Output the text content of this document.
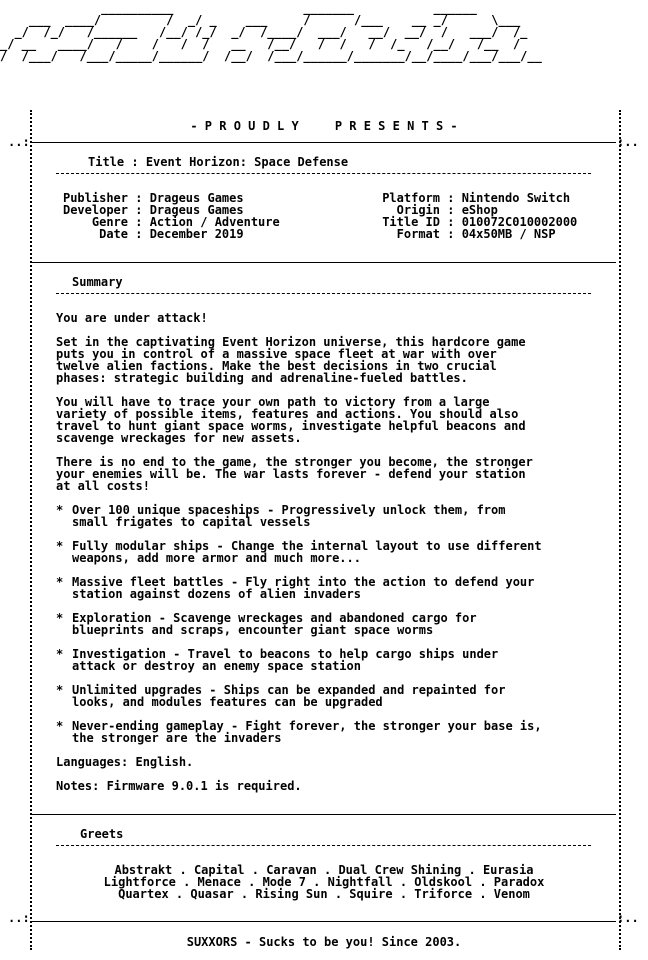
__________                  _______           ______
___  ____/         /  _/ _    ___     /      /___    __ _/      \___
_/  /_/   /______   /__/ /_/  _/  /____/  ___/   __/  __/  /   ___/  /_
_/ __   ____/   /    /   /  /   __   /__/   /  /   /  /_   /__/   /__  /
/  /___/   /___/_____/______/  /__/  /___/______/_______/__/____/___/___/__

..:

	:..

..:

	:..

- P R O U D L Y     P R E S E N T S -

Title : Event Horizon: Space Defense

Publisher
Developer
Genre
Date

: Drageus Games
: Drageus Games
: Action / Adventure
: December 2019

Platform
Origin
Title ID
Format

: Nintendo Switch
: eShop
: 010072C010002000
: 04x50MB / NSP

Summary

You are under attack!

Set in the captivating Event Horizon universe, this hardcore game
puts you in control of a massive space fleet at war with over
twelve alien factions. Make the best decisions in two crucial
phases: strategic building and adrenaline-fueled battles.

You will have to trace your own path to victory from a large
variety of possible items, features and actions. You should also
travel to hunt giant space worms, investigate helpful beacons and
scavenge wreckages for new assets.

There is no end to the game, the stronger you become, the stronger
your enemies will be. The war lasts forever - defend your station
at all costs!

*

Over 100 unique spaceships - Progressively unlock them, from
small frigates to capital vessels

*

Fully modular ships - Change the internal layout to use different
weapons, add more armor and much more...

*

Massive fleet battles - Fly right into the action to defend your
station against dozens of alien invaders

*

Exploration - Scavenge wreckages and abandoned cargo for
blueprints and scraps, encounter giant space worms

*

Investigation - Travel to beacons to help cargo ships under
attack or destroy an enemy space station

*

Unlimited upgrades - Ships can be expanded and repainted for
looks, and modules features can be upgraded

*

Never-ending gameplay - Fight forever, the stronger your base is,
the stronger are the invaders

Languages: English.

Notes: Firmware 9.0.1 is required.

Greets

Abstrakt . Capital . Caravan . Dual Crew Shining . Eurasia

Lightforce . Menace . Mode 7 . Nightfall . Oldskool . Paradox

Quartex . Quasar . Rising Sun . Squire . Triforce . Venom

SUXXORS - Sucks to be you! Since 2003.
